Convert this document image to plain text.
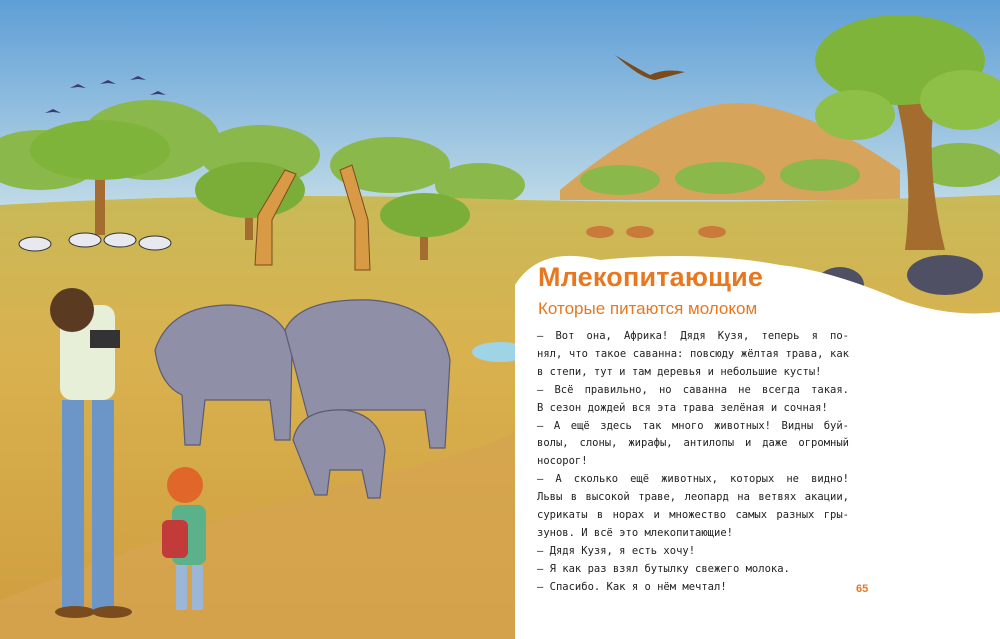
Млекопитающие
Которые питаются молоком

— Вот она, Африка! Дядя Кузя, теперь я по-

нял, что такое саванна: повсюду жёлтая трава, как

в степи, тут и там деревья и небольшие кусты!

— Всё правильно, но саванна не всегда такая.

В сезон дождей вся эта трава зелёная и сочная!

— А ещё здесь так много животных! Видны буй-

волы, слоны, жирафы, антилопы и даже огромный

носорог!

— А сколько ещё животных, которых не видно!

Львы в высокой траве, леопард на ветвях акации,

сурикаты в норах и множество самых разных гры-

зунов. И всё это млекопитающие!

— Дядя Кузя, я есть хочу!

— Я как раз взял бутылку свежего молока.

— Спасибо. Как я о нём мечтал!	65
